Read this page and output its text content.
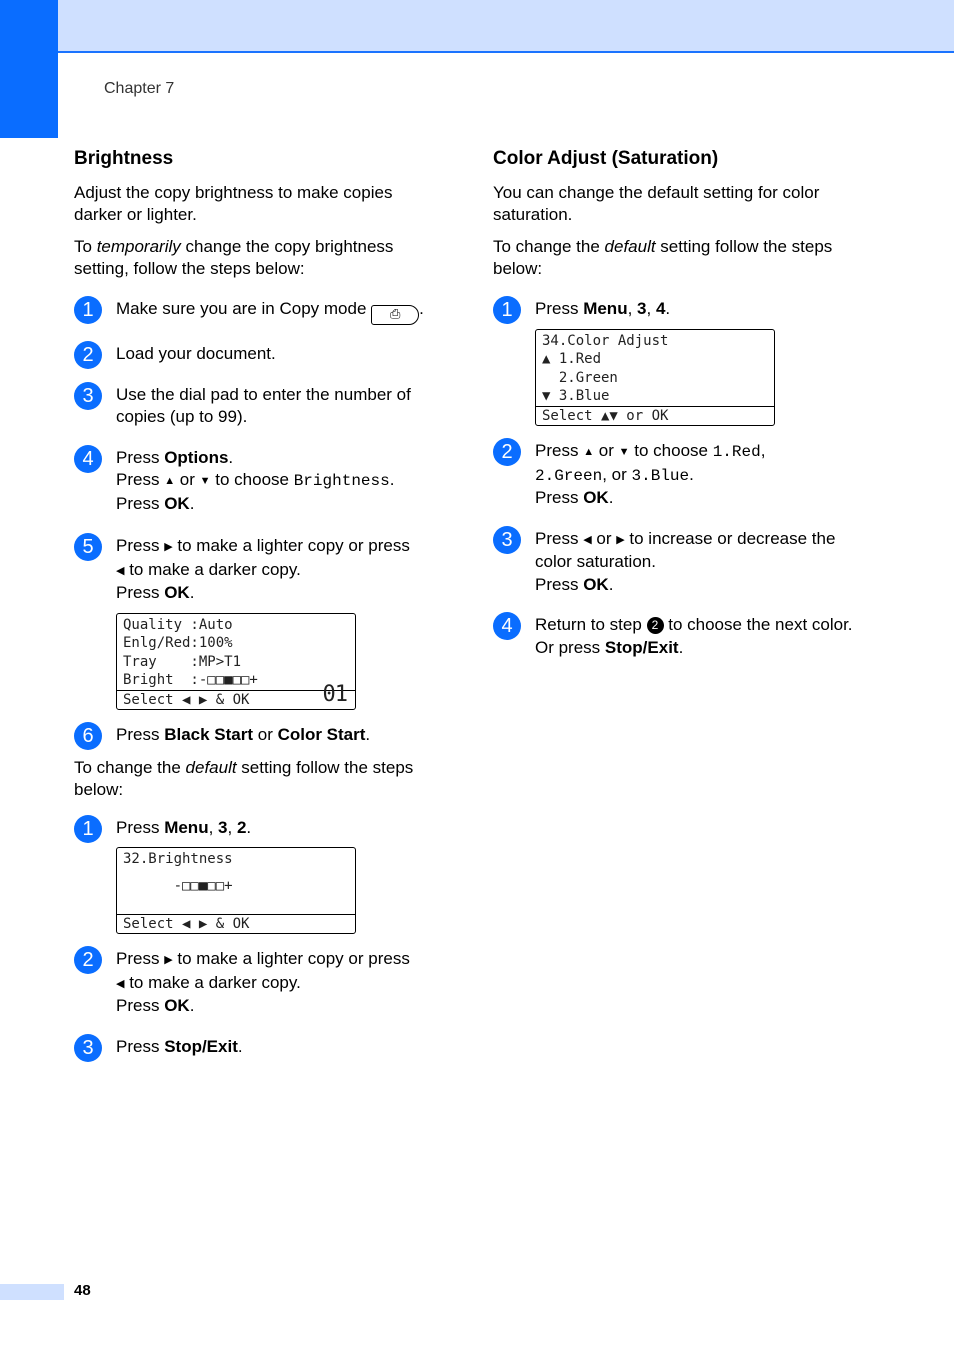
Chapter 7
Brightness

Adjust the copy brightness to make copies darker or lighter.

To temporarily change the copy brightness setting, follow the steps below:

1	Make sure you are in Copy mode ⎙ .
2	Load your document.
3	Use the dial pad to enter the number of copies (up to 99).
4	Press Options.
Press ▲ or ▼ to choose Brightness.
Press OK.
5	Press ▶ to make a lighter copy or press
◀ to make a darker copy.
Press OK.
Quality :Auto
Enlg/Red:100%
Tray    :MP>T1
Bright  :-□□■□□+
Select ◀ ▶ & OK	01
6	Press Black Start or Color Start.

To change the default setting follow the steps below:

1	Press Menu, 3, 2.
32.Brightness
-□□■□□+
Select ◀ ▶ & OK
2	Press ▶ to make a lighter copy or press
◀ to make a darker copy.
Press OK.
3	Press Stop/Exit.
Color Adjust (Saturation)

You can change the default setting for color saturation.

To change the default setting follow the steps below:

1	Press Menu, 3, 4.
34.Color Adjust
▲ 1.Red
2.Green
▼ 3.Blue
Select ▲▼ or OK
2	Press ▲ or ▼ to choose 1.Red,
2.Green, or 3.Blue.
Press OK.
3	Press ◀ or ▶ to increase or decrease the color saturation.
Press OK.
4	Return to step 2 to choose the next color. Or press Stop/Exit.
48
